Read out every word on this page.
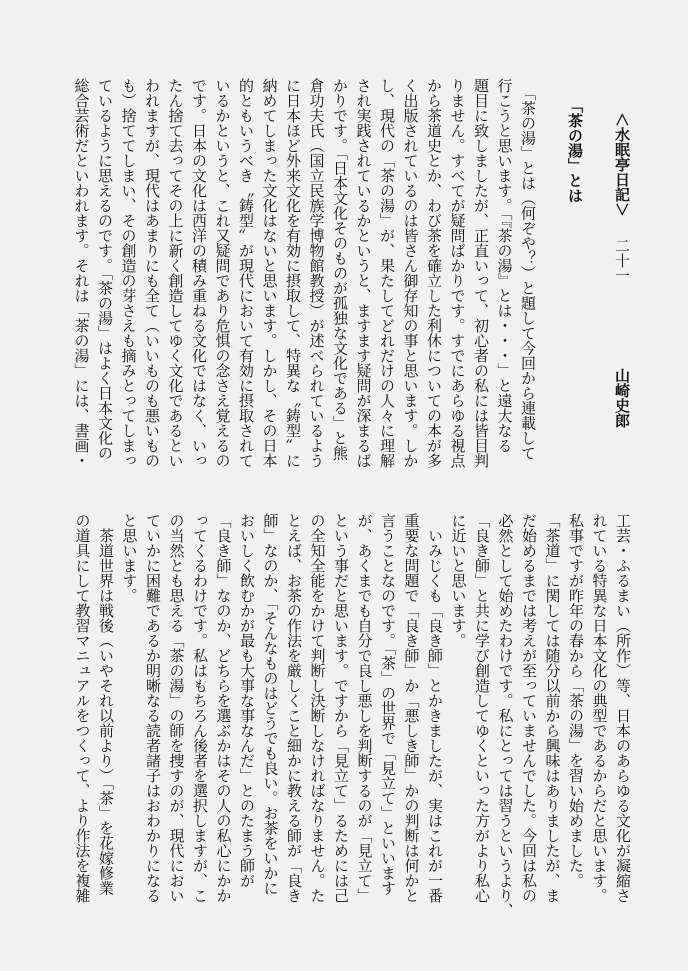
＜水眠亭日記＞
二十一
山崎史郎
「茶の湯」とは
　「茶の湯」とは（何ぞや？）と題して今回から連載して
行こうと思います。「『茶の湯』とは・・・」と遠大なる
題目に致しましたが、正直いって、初心者の私には皆目判
りません。すべてが疑問ばかりです。すでにあらゆる視点
から茶道史とか、わび茶を確立した利休についての本が多
く出版されているのは皆さん御存知の事と思います。しか
し、現代の「茶の湯」が、果たしてどれだけの人々に理解
され実践されているかというと、ますます疑問が深まるば
かりです。「日本文化そのものが孤独な文化である」と熊
倉功夫氏（国立民族学博物館教授）が述べられているよう
に日本ほど外来文化を有効に摂取して、特異な〝鋳型〟に
納めてしまった文化はないと思います。しかし、その日本
的ともいうべき〝鋳型〟が現代において有効に摂取されて
いるかというと、これ又疑問であり危惧の念さえ覚えるの
です。日本の文化は西洋の積み重ねる文化ではなく、いっ
たん捨て去ってその上に新く創造してゆく文化であるとい
われますが、現代はあまりにも全て（いいものも悪いもの
も）捨ててしまい、その創造の芽さえも摘みとってしまっ
ているように思えるのです。「茶の湯」はよく日本文化の
総合芸術だといわれます。それは「茶の湯」には、書画・
工芸・ふるまい（所作）等、日本のあらゆる文化が凝縮さ
れている特異な日本文化の典型であるからだと思います。
私事ですが昨年の春から「茶の湯」を習い始めました。
「茶道」に関しては随分以前から興味はありましたが、ま
だ始めるまでは考えが至っていませんでした。今回は私の
必然として始めたわけです。私にとっては習うというより、
「良き師」と共に学び創造してゆくといった方がより私心
に近いと思います。
　いみじくも「良き師」とかきましたが、実はこれが一番
重要な問題で「良き師」か「悪しき師」かの判断は何かと
言うことなのです。「茶」の世界で「見立て」といいます
が、あくまでも自分で良し悪しを判断するのが「見立て」
という事だと思います。ですから「見立て」るためには己
の全知全能をかけて判断し決断しなければなりません。た
とえば、お茶の作法を厳しくこと細かに教える師が「良き
師」なのか、「そんなものはどうでも良い。お茶をいかに
おいしく飲むかが最も大事な事なんだ」とのたまう師が
「良き師」なのか、どちらを選ぶかはその人の私心にかか
ってくるわけです。私はもちろん後者を選択しますが、こ
の当然とも思える「茶の湯」の師を捜すのが、現代におい
ていかに困難であるか明晰なる読者諸子はおわかりになる
と思います。
　茶道世界は戦後（いやそれ以前より）「茶」を花嫁修業
の道具にして教習マニュアルをつくって、より作法を複雑
